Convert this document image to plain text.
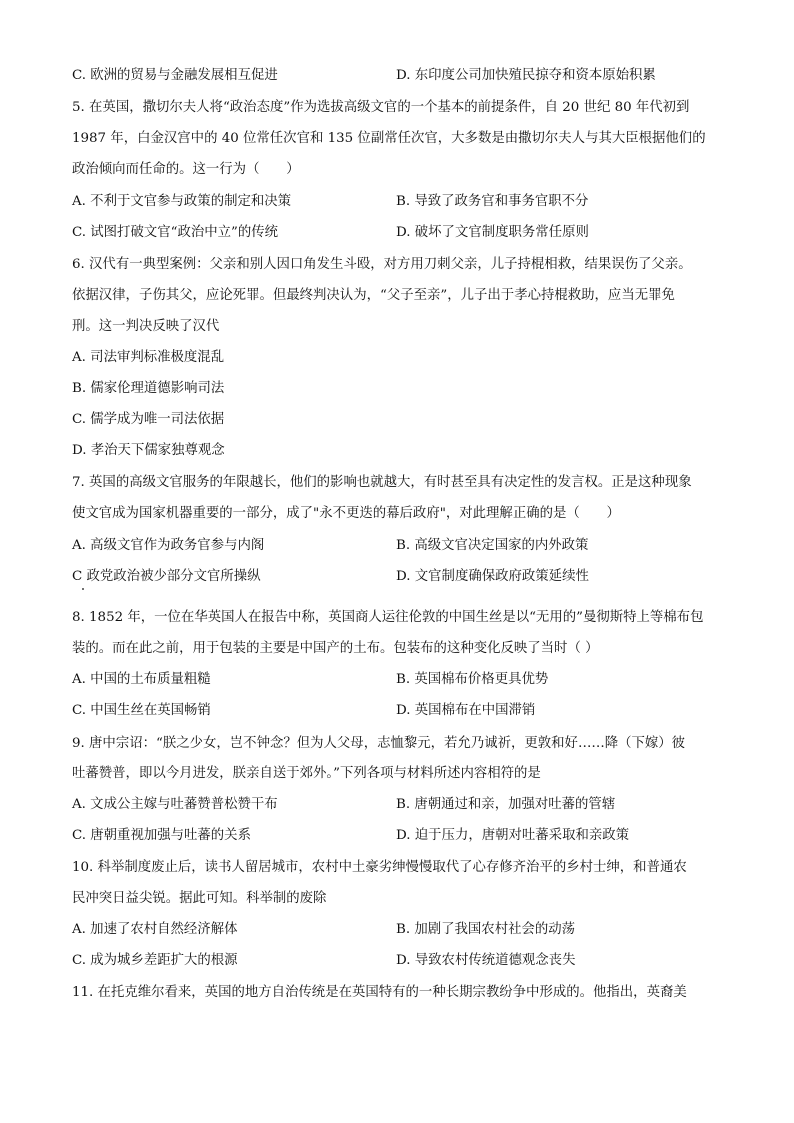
C. 欧洲的贸易与金融发展相互促进	D. 东印度公司加快殖民掠夺和资本原始积累
5. 在英国，撒切尔夫人将“政治态度”作为选拔高级文官的一个基本的前提条件，自 20 世纪 80 年代初到
1987 年，白金汉宫中的 40 位常任次官和 135 位副常任次官，大多数是由撒切尔夫人与其大臣根据他们的
政治倾向而任命的。这一行为（　　）
A. 不利于文官参与政策的制定和决策	B. 导致了政务官和事务官职不分
C. 试图打破文官“政治中立”的传统	D. 破坏了文官制度职务常任原则
6. 汉代有一典型案例：父亲和别人因口角发生斗殴，对方用刀刺父亲，儿子持棍相救，结果误伤了父亲。
依据汉律，子伤其父，应论死罪。但最终判决认为，“父子至亲”，儿子出于孝心持棍救助，应当无罪免
刑。这一判决反映了汉代
A. 司法审判标准极度混乱
B. 儒家伦理道德影响司法
C. 儒学成为唯一司法依据
D. 孝治天下儒家独尊观念
7. 英国的高级文官服务的年限越长，他们的影响也就越大，有时甚至具有决定性的发言权。正是这种现象
使文官成为国家机器重要的一部分，成了"永不更迭的幕后政府"，对此理解正确的是（　　）
A. 高级文官作为政务官参与内阁	B. 高级文官决定国家的内外政策
C 政党政治被少部分文官所操纵	D. 文官制度确保政府政策延续性
8. 1852 年，一位在华英国人在报告中称，英国商人运往伦敦的中国生丝是以“无用的”曼彻斯特上等棉布包
装的。而在此之前，用于包装的主要是中国产的土布。包装布的这种变化反映了当时（ ）
A. 中国的土布质量粗糙	B. 英国棉布价格更具优势
C. 中国生丝在英国畅销	D. 英国棉布在中国滞销
9. 唐中宗诏：“朕之少女，岂不钟念？但为人父母，志恤黎元，若允乃诚祈，更敦和好……降（下嫁）彼
吐蕃赞普，即以今月进发，朕亲自送于郊外。”下列各项与材料所述内容相符的是
A. 文成公主嫁与吐蕃赞普松赞干布	B. 唐朝通过和亲，加强对吐蕃的管辖
C. 唐朝重视加强与吐蕃的关系	D. 迫于压力，唐朝对吐蕃采取和亲政策
10. 科举制度废止后，读书人留居城市，农村中土豪劣绅慢慢取代了心存修齐治平的乡村士绅，和普通农
民冲突日益尖锐。据此可知。科举制的废除
A. 加速了农村自然经济解体	B. 加剧了我国农村社会的动荡
C. 成为城乡差距扩大的根源	D. 导致农村传统道德观念丧失
11. 在托克维尔看来，英国的地方自治传统是在英国特有的一种长期宗教纷争中形成的。他指出，英裔美
